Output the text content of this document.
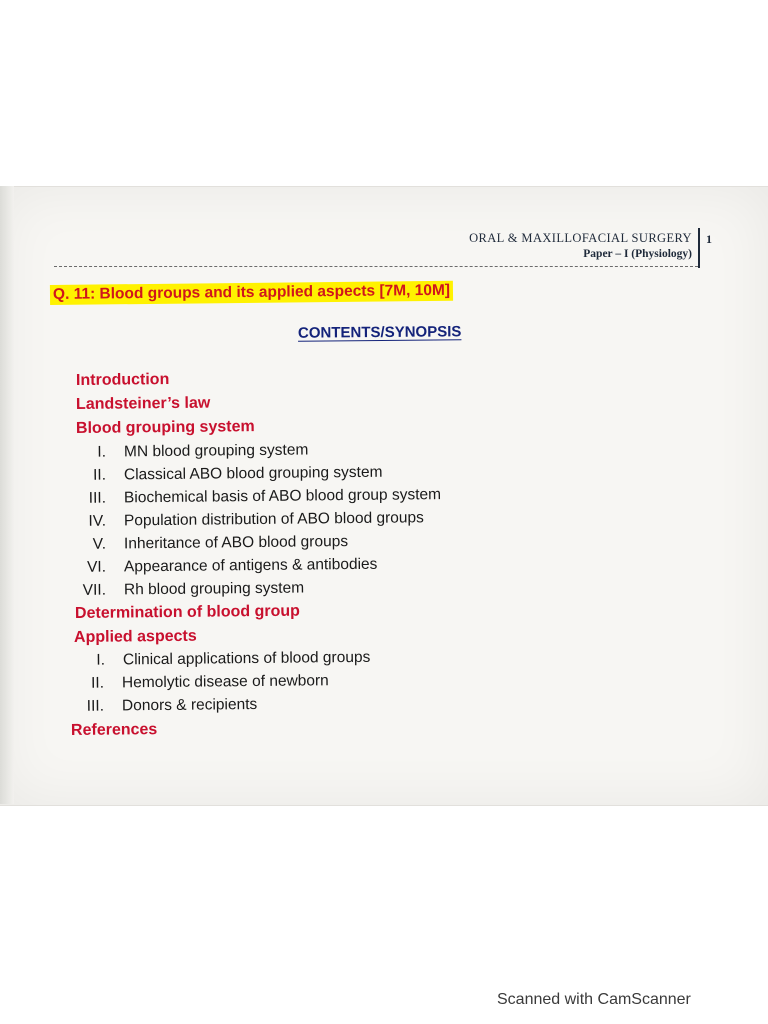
ORAL & MAXILLOFACIAL SURGERY
Paper – I (Physiology)
1
Q. 11: Blood groups and its applied aspects [7M, 10M]
CONTENTS/SYNOPSIS
Introduction
Landsteiner’s law
Blood grouping system
I. MN blood grouping system
II. Classical ABO blood grouping system
III. Biochemical basis of ABO blood group system
IV. Population distribution of ABO blood groups
V. Inheritance of ABO blood groups
VI. Appearance of antigens & antibodies
VII. Rh blood grouping system
Determination of blood group
Applied aspects
I. Clinical applications of blood groups
II. Hemolytic disease of newborn
III. Donors & recipients
References
Scanned with CamScanner
